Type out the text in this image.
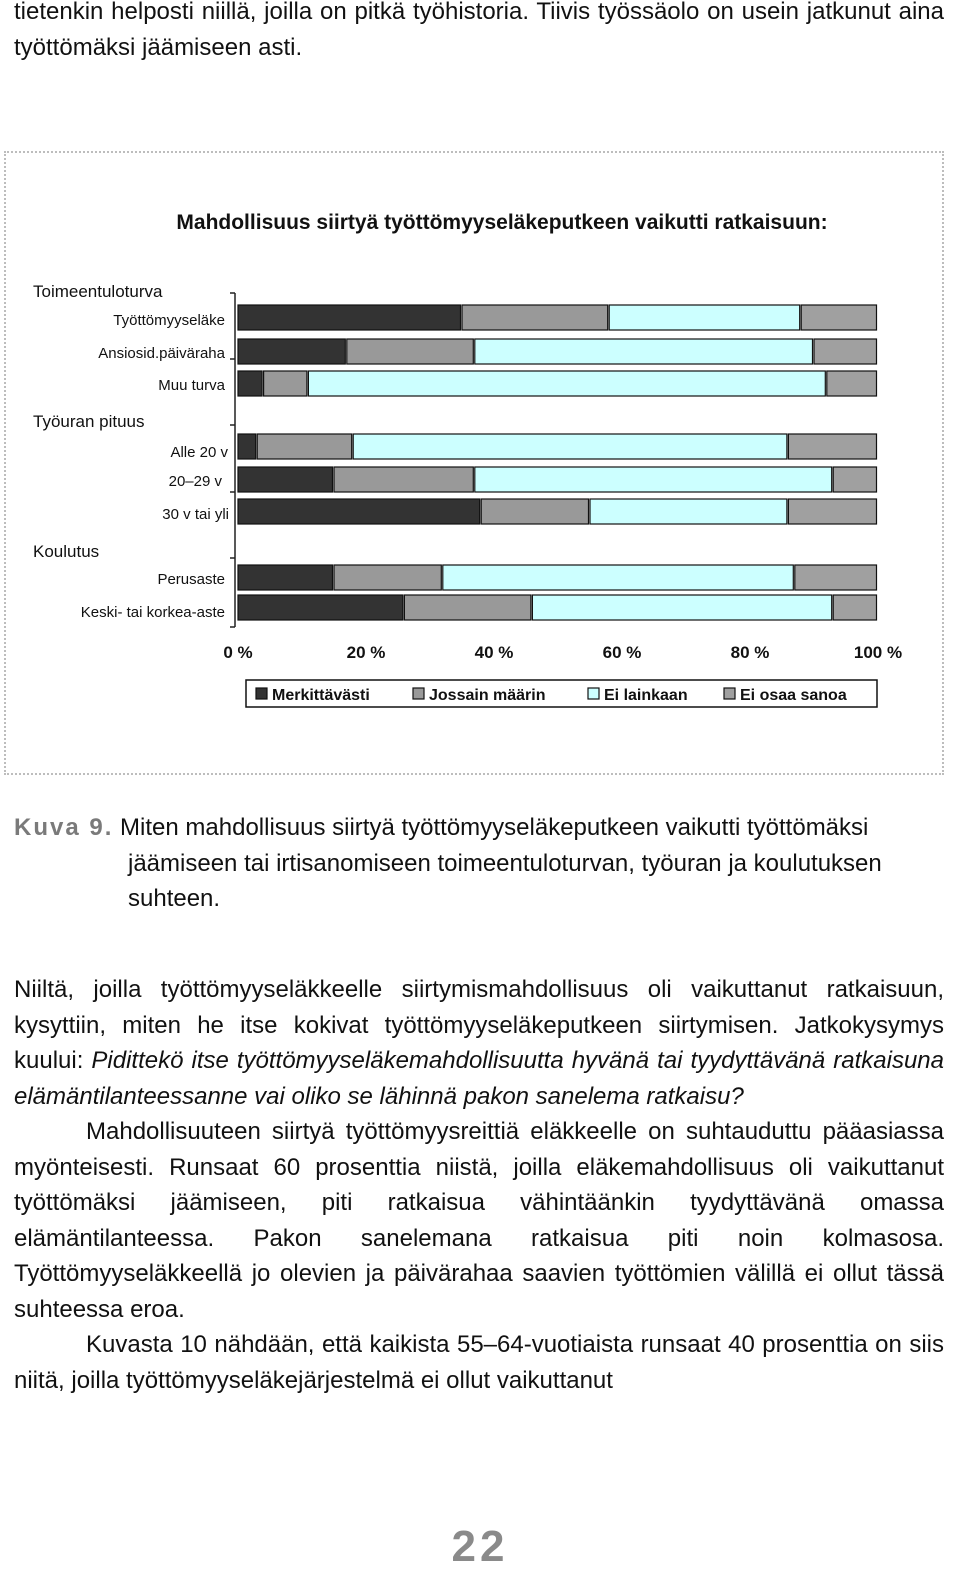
tietenkin helposti niillä, joilla on pitkä työhistoria. Tiivis työssäolo on usein jatkunut aina työttömäksi jäämiseen asti.

Mahdollisuus siirtyä työttömyyseläkeputkeen vaikutti ratkaisuun:
Toimeentuloturva
Työuran pituus
Koulutus
Työttömyyseläke
Ansiosid.päiväraha
Muu turva
Alle 20 v
20–29 v
30 v tai yli
Perusaste
Keski- tai korkea-aste
0 %	20 %	40 %	60 %	80 %	100 %
Merkittävästi	Jossain määrin	Ei lainkaan	Ei osaa sanoa
Kuva 9. Miten mahdollisuus siirtyä työttömyyseläkeputkeen vaikutti työttömäksi
jäämiseen tai irtisanomiseen toimeentuloturvan, työuran ja koulutuksen suhteen.

Niiltä, joilla työttömyyseläkkeelle siirtymismahdollisuus oli vaikuttanut ratkaisuun, kysyttiin, miten he itse kokivat työttömyyseläkeputkeen siirtymisen. Jatkokysymys kuului: Pidittekö itse työttömyyseläkemahdollisuutta hyvänä tai tyydyttävänä ratkaisuna elämäntilanteessanne vai oliko se lähinnä pakon sanelema ratkaisu?

Mahdollisuuteen siirtyä työttömyysreittiä eläkkeelle on suhtauduttu pääasiassa myönteisesti. Runsaat 60 prosenttia niistä, joilla eläkemahdollisuus oli vaikuttanut työttömäksi jäämiseen, piti ratkaisua vähintäänkin tyydyttävänä omassa elämäntilanteessa. Pakon sanelemana ratkaisua piti noin kolmasosa. Työttömyyseläkkeellä jo olevien ja päivärahaa saavien työttömien välillä ei ollut tässä suhteessa eroa.

Kuvasta 10 nähdään, että kaikista 55–64-vuotiaista runsaat 40 prosenttia on siis niitä, joilla työttömyyseläkejärjestelmä ei ollut vaikuttanut

22
